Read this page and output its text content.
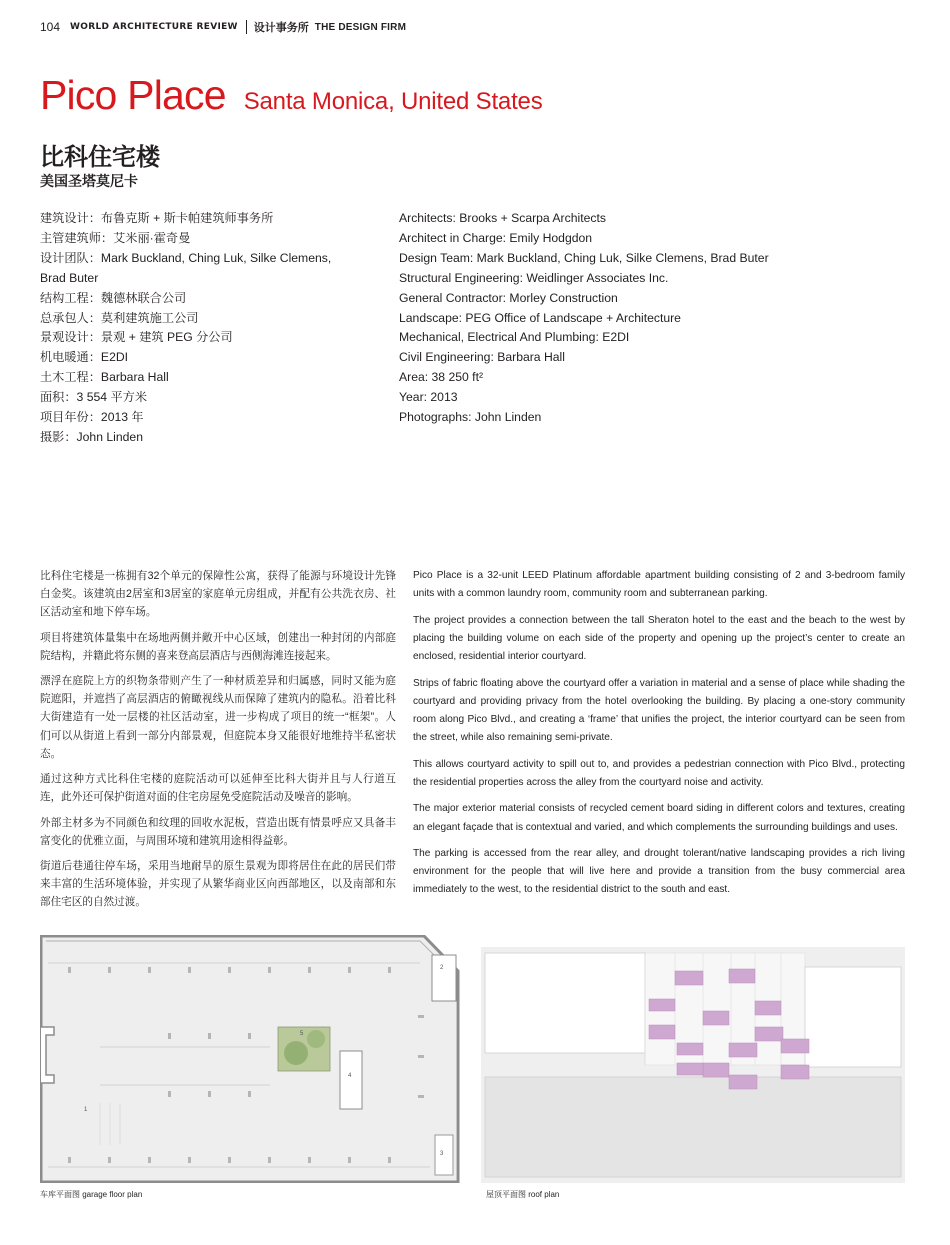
104 WORLD ARCHITECTURE REVIEW 设计事务所 THE DESIGN FIRM
Pico Place Santa Monica, United States
比科住宅楼
美国圣塔莫尼卡
建筑设计：布鲁克斯 + 斯卡帕建筑师事务所
主管建筑师：艾米丽·霍奇曼
设计团队：Mark Buckland, Ching Luk, Silke Clemens,
Brad Buter
结构工程：魏德林联合公司
总承包人：莫利建筑施工公司
景观设计：景观 + 建筑 PEG 分公司
机电暖通：E2DI
土木工程：Barbara Hall
面积：3 554 平方米
项目年份：2013 年
摄影：John Linden
Architects: Brooks + Scarpa Architects
Architect in Charge: Emily Hodgdon
Design Team: Mark Buckland, Ching Luk, Silke Clemens, Brad Buter
Structural Engineering: Weidlinger Associates Inc.
General Contractor: Morley Construction
Landscape: PEG Office of Landscape + Architecture
Mechanical, Electrical And Plumbing: E2DI
Civil Engineering: Barbara Hall
Area: 38 250 ft²
Year: 2013
Photographs: John Linden

比科住宅楼是一栋拥有32个单元的保障性公寓，获得了能源与环境设计先锋白金奖。该建筑由2居室和3居室的家庭单元房组成，并配有公共洗衣房、社区活动室和地下停车场。

项目将建筑体量集中在场地两侧并敞开中心区域，创建出一种封闭的内部庭院结构，并籍此将东侧的喜来登高层酒店与西侧海滩连接起来。

漂浮在庭院上方的织物条带则产生了一种材质差异和归属感，同时又能为庭院遮阳，并遮挡了高层酒店的俯瞰视线从而保障了建筑内的隐私。沿着比科大街建造有一处一层楼的社区活动室，进一步构成了项目的统一“框架”。人们可以从街道上看到一部分内部景观，但庭院本身又能很好地维持半私密状态。

通过这种方式比科住宅楼的庭院活动可以延伸至比科大街并且与人行道互连，此外还可保护街道对面的住宅房屋免受庭院活动及噪音的影响。

外部主材多为不同颜色和纹理的回收水泥板，营造出既有情景呼应又具备丰富变化的优雅立面，与周围环境和建筑用途相得益彰。

街道后巷通往停车场，采用当地耐旱的原生景观为即将居住在此的居民们带来丰富的生活环境体验，并实现了从繁华商业区向西部地区，以及南部和东部住宅区的自然过渡。

Pico Place is a 32-unit LEED Platinum affordable apartment building consisting of 2 and 3-bedroom family units with a common laundry room, community room and subterranean parking.

The project provides a connection between the tall Sheraton hotel to the east and the beach to the west by placing the building volume on each side of the property and opening up the project’s center to create an enclosed, residential interior courtyard.

Strips of fabric floating above the courtyard offer a variation in material and a sense of place while shading the courtyard and providing privacy from the hotel overlooking the building. By placing a one-story community room along Pico Blvd., and creating a ‘frame’ that unifies the project, the interior courtyard can be seen from the street, while also remaining semi-private.

This allows courtyard activity to spill out to, and provides a pedestrian connection with Pico Blvd., protecting the residential properties across the alley from the courtyard noise and activity.

The major exterior material consists of recycled cement board siding in different colors and textures, creating an elegant façade that is contextual and varied, and which complements the surrounding buildings and uses.

The parking is accessed from the rear alley, and drought tolerant/native landscaping provides a rich living environment for the people that will live here and provide a transition from the busy commercial area immediately to the west, to the residential district to the south and east.

1
2
3
4
5
车库平面图 garage floor plan	屋顶平面图 roof plan
